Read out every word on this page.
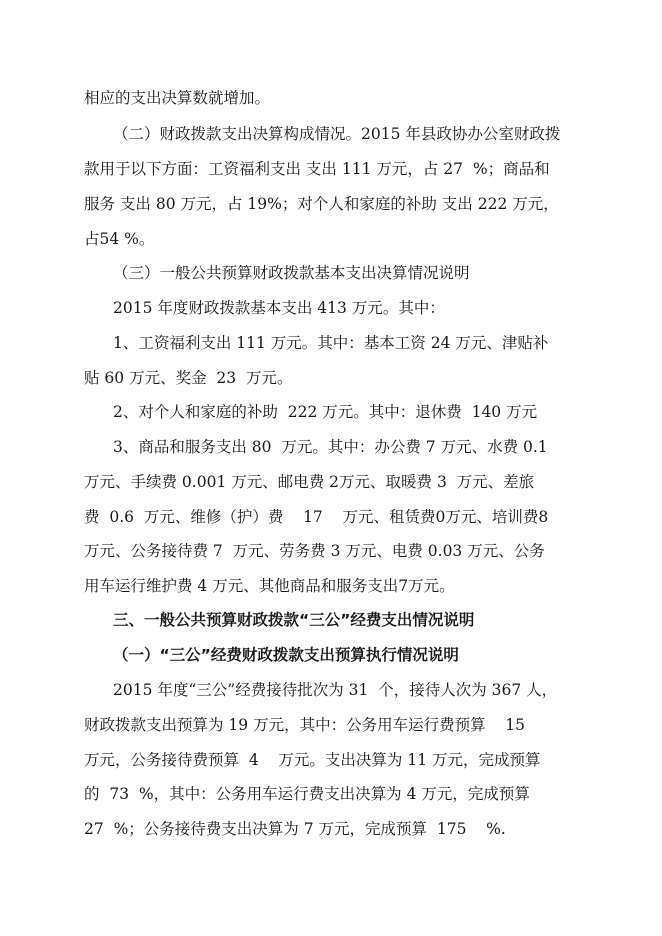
相应的支出决算数就增加。
（二）财政拨款支出决算构成情况。2015 年县政协办公室财政拨
款用于以下方面：工资福利支出 支出 111 万元，占 27  %；商品和
服务 支出 80 万元，占 19%；对个人和家庭的补助 支出 222 万元，
占54 %。
（三）一般公共预算财政拨款基本支出决算情况说明
2015 年度财政拨款基本支出 413 万元。其中：
1、工资福利支出 111 万元。其中：基本工资 24 万元、津贴补
贴 60 万元、奖金  23  万元。
2、对个人和家庭的补助  222 万元。其中：退休费  140 万元
3、商品和服务支出 80  万元。其中：办公费 7 万元、水费 0.1
万元、手续费 0.001 万元、邮电费 2万元、取暖费 3  万元、差旅
费  0.6  万元、维修（护）费    17    万元、租赁费0万元、培训费8
万元、公务接待费 7  万元、劳务费 3 万元、电费 0.03 万元、公务
用车运行维护费 4 万元、其他商品和服务支出7万元。
三、一般公共预算财政拨款“三公”经费支出情况说明
（一）“三公”经费财政拨款支出预算执行情况说明
2015 年度“三公”经费接待批次为 31  个，接待人次为 367 人，
财政拨款支出预算为 19 万元，其中：公务用车运行费预算    15
万元，公务接待费预算  4    万元。支出决算为 11 万元，完成预算
的  73  %，其中：公务用车运行费支出决算为 4 万元，完成预算
27  %；公务接待费支出决算为 7 万元，完成预算  175    %.
